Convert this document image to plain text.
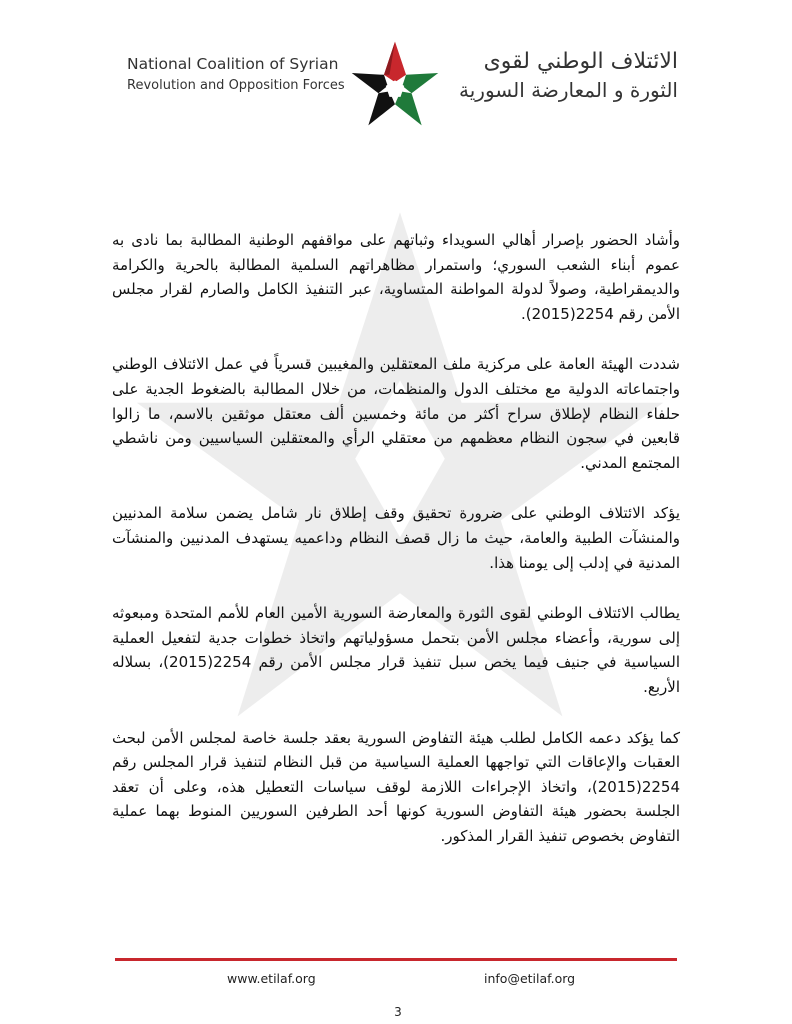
National Coalition of Syrian
Revolution and Opposition Forces
الائتلاف الوطني لقوى
الثورة و المعارضة السورية

وأشاد الحضور بإصرار أهالي السويداء وثباتهم على مواقفهم الوطنية المطالبة بما نادى به عموم أبناء الشعب السوري؛ واستمرار مظاهراتهم السلمية المطالبة بالحرية والكرامة والديمقراطية، وصولاً لدولة المواطنة المتساوية، عبر التنفيذ الكامل والصارم لقرار مجلس الأمن رقم 2254(2015).

شددت الهيئة العامة على مركزية ملف المعتقلين والمغيبين قسرياً في عمل الائتلاف الوطني واجتماعاته الدولية مع مختلف الدول والمنظمات، من خلال المطالبة بالضغوط الجدية على حلفاء النظام لإطلاق سراح أكثر من مائة وخمسين ألف معتقل موثقين بالاسم، ما زالوا قابعين في سجون النظام معظمهم من معتقلي الرأي والمعتقلين السياسيين ومن ناشطي المجتمع المدني.

يؤكد الائتلاف الوطني على ضرورة تحقيق وقف إطلاق نار شامل يضمن سلامة المدنيين والمنشآت الطبية والعامة، حيث ما زال قصف النظام وداعميه يستهدف المدنيين والمنشآت المدنية في إدلب إلى يومنا هذا.

يطالب الائتلاف الوطني لقوى الثورة والمعارضة السورية الأمين العام للأمم المتحدة ومبعوثه إلى سورية، وأعضاء مجلس الأمن بتحمل مسؤولياتهم واتخاذ خطوات جدية لتفعيل العملية السياسية في جنيف فيما يخص سبل تنفيذ قرار مجلس الأمن رقم 2254(2015)، بسلاله الأربع.

كما يؤكد دعمه الكامل لطلب هيئة التفاوض السورية بعقد جلسة خاصة لمجلس الأمن لبحث العقبات والإعاقات التي تواجهها العملية السياسية من قبل النظام لتنفيذ قرار المجلس رقم 2254(2015)، واتخاذ الإجراءات اللازمة لوقف سياسات التعطيل هذه، وعلى أن تعقد الجلسة بحضور هيئة التفاوض السورية كونها أحد الطرفين السوريين المنوط بهما عملية التفاوض بخصوص تنفيذ القرار المذكور.

www.etilaf.org	info@etilaf.org
3
